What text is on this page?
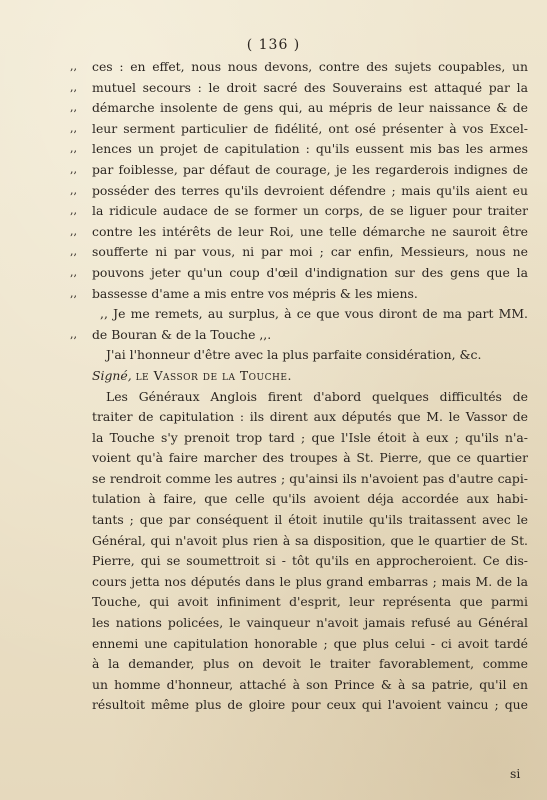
( 136 )
,,	ces : en effet, nous nous devons, contre des sujets coupables, un
,,	mutuel secours : le droit sacré des Souverains est attaqué par la
,,	démarche insolente de gens qui, au mépris de leur naissance & de
,,	leur serment particulier de fidélité, ont osé présenter à vos Excel-
,,	lences un projet de capitulation : qu'ils eussent mis bas les armes
,,	par foiblesse, par défaut de courage, je les regarderois indignes de
,,	posséder des terres qu'ils devroient défendre ; mais qu'ils aient eu
,,	la ridicule audace de se former un corps, de se liguer pour traiter
,,	contre les intérêts de leur Roi, une telle démarche ne sauroit être
,,	soufferte ni par vous, ni par moi ; car enfin, Messieurs, nous ne
,,	pouvons jeter qu'un coup d'œil d'indignation sur des gens que la
,,	bassesse d'ame a mis entre vos mépris & les miens.
,, Je me remets, au surplus, à ce que vous diront de ma part MM.
,,	de Bouran & de la Touche ,,.
J'ai l'honneur d'être avec la plus parfaite considération, &c.
Signé, le Vassor de la Touche.
Les Généraux Anglois firent d'abord quelques difficultés de
traiter de capitulation : ils dirent aux députés que M. le Vassor de
la Touche s'y prenoit trop tard ; que l'Isle étoit à eux ; qu'ils n'a-
voient qu'à faire marcher des troupes à St. Pierre, que ce quartier
se rendroit comme les autres ; qu'ainsi ils n'avoient pas d'autre capi-
tulation à faire, que celle qu'ils avoient déja accordée aux habi-
tants ; que par conséquent il étoit inutile qu'ils traitassent avec le
Général, qui n'avoit plus rien à sa disposition, que le quartier de St.
Pierre, qui se soumettroit si - tôt qu'ils en approcheroient. Ce dis-
cours jetta nos députés dans le plus grand embarras ; mais M. de la
Touche, qui avoit infiniment d'esprit, leur représenta que parmi
les nations policées, le vainqueur n'avoit jamais refusé au Général
ennemi une capitulation honorable ; que plus celui - ci avoit tardé
à la demander, plus on devoit le traiter favorablement, comme
un homme d'honneur, attaché à son Prince & à sa patrie, qu'il en
résultoit même plus de gloire pour ceux qui l'avoient vaincu ; que
si
